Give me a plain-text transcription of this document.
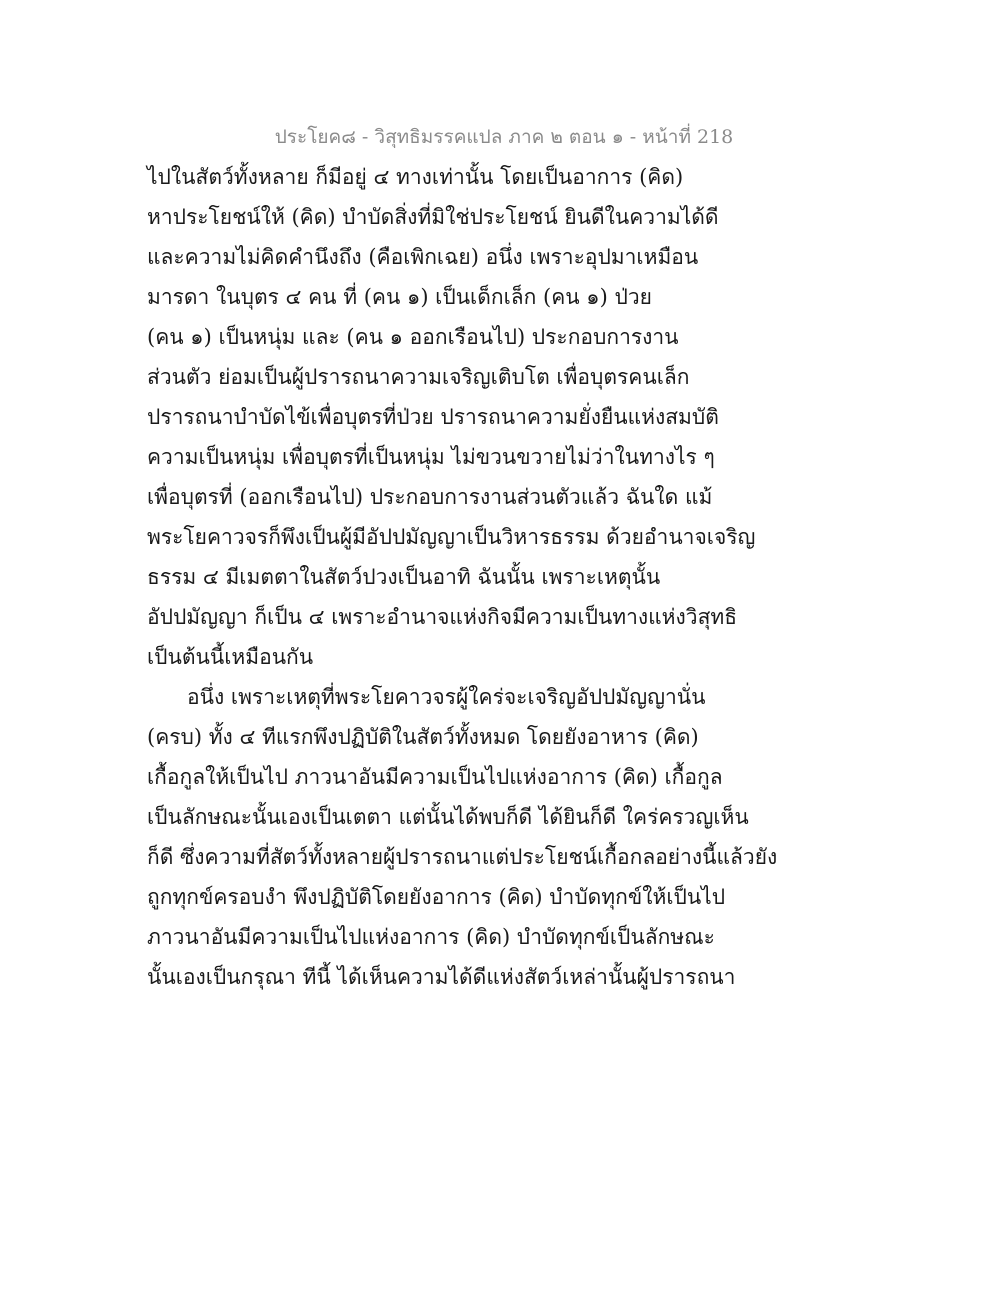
ประโยค๘ - วิสุทธิมรรคแปล ภาค ๒ ตอน ๑ - หน้าที่ 218
ไปในสัตว์ทั้งหลาย ก็มีอยู่ ๔ ทางเท่านั้น โดยเป็นอาการ (คิด)
หาประโยชน์ให้ (คิด) บำบัดสิ่งที่มิใช่ประโยชน์ ยินดีในความได้ดี
และความไม่คิดคำนึงถึง (คือเพิกเฉย) อนึ่ง เพราะอุปมาเหมือน
มารดา ในบุตร ๔ คน ที่ (คน ๑) เป็นเด็กเล็ก (คน ๑) ป่วย
(คน ๑) เป็นหนุ่ม และ (คน ๑ ออกเรือนไป) ประกอบการงาน
ส่วนตัว ย่อมเป็นผู้ปรารถนาความเจริญเติบโต เพื่อบุตรคนเล็ก
ปรารถนาบำบัดไข้เพื่อบุตรที่ป่วย ปรารถนาความยั่งยืนแห่งสมบัติ
ความเป็นหนุ่ม เพื่อบุตรที่เป็นหนุ่ม ไม่ขวนขวายไม่ว่าในทางไร ๆ
เพื่อบุตรที่ (ออกเรือนไป) ประกอบการงานส่วนตัวแล้ว ฉันใด แม้
พระโยคาวจรก็พึงเป็นผู้มีอัปปมัญญาเป็นวิหารธรรม ด้วยอำนาจเจริญ
ธรรม ๔ มีเมตตาในสัตว์ปวงเป็นอาทิ ฉันนั้น เพราะเหตุนั้น
อัปปมัญญา ก็เป็น ๔ เพราะอำนาจแห่งกิจมีความเป็นทางแห่งวิสุทธิ
เป็นต้นนี้เหมือนกัน
อนึ่ง เพราะเหตุที่พระโยคาวจรผู้ใคร่จะเจริญอัปปมัญญานั่น
(ครบ) ทั้ง ๔ ทีแรกพึงปฏิบัติในสัตว์ทั้งหมด โดยยังอาหาร (คิด)
เกื้อกูลให้เป็นไป ภาวนาอันมีความเป็นไปแห่งอาการ (คิด) เกื้อกูล
เป็นลักษณะนั้นเองเป็นเตตา แต่นั้นได้พบก็ดี ได้ยินก็ดี ใคร่ครวญเห็น
ก็ดี ซึ่งความที่สัตว์ทั้งหลายผู้ปรารถนาแต่ประโยชน์เกื้อกลอย่างนี้แล้วยัง
ถูกทุกข์ครอบงำ พึงปฏิบัติโดยยังอาการ (คิด) บำบัดทุกข์ให้เป็นไป
ภาวนาอันมีความเป็นไปแห่งอาการ (คิด) บำบัดทุกข์เป็นลักษณะ
นั้นเองเป็นกรุณา ทีนี้ ได้เห็นความได้ดีแห่งสัตว์เหล่านั้นผู้ปรารถนา
